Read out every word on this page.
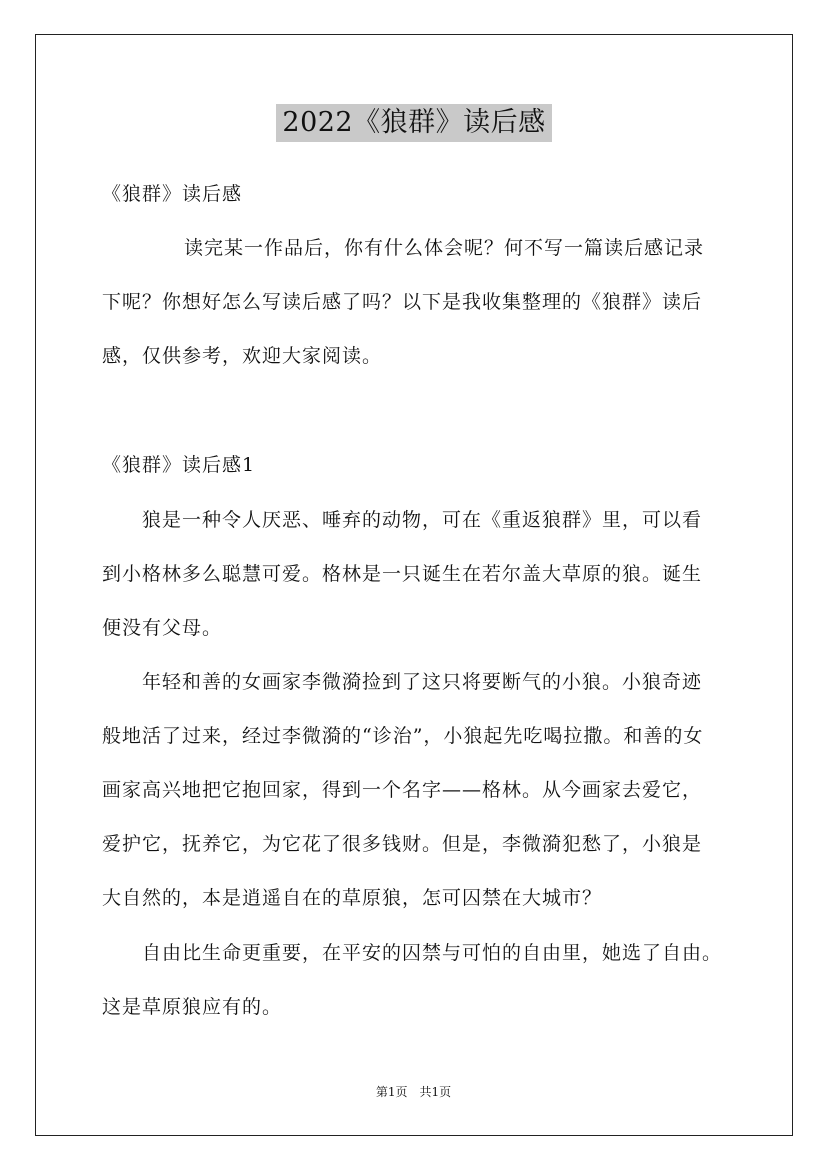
2022《狼群》读后感
《狼群》读后感
读完某一作品后，你有什么体会呢？何不写一篇读后感记录
下呢？你想好怎么写读后感了吗？以下是我收集整理的《狼群》读后
感，仅供参考，欢迎大家阅读。
《狼群》读后感1
狼是一种令人厌恶、唾弃的动物，可在《重返狼群》里，可以看
到小格林多么聪慧可爱。格林是一只诞生在若尔盖大草原的狼。诞生
便没有父母。
年轻和善的女画家李微漪捡到了这只将要断气的小狼。小狼奇迹
般地活了过来，经过李微漪的“诊治”，小狼起先吃喝拉撒。和善的女
画家高兴地把它抱回家，得到一个名字——格林。从今画家去爱它，
爱护它，抚养它，为它花了很多钱财。但是，李微漪犯愁了，小狼是
大自然的，本是逍遥自在的草原狼，怎可囚禁在大城市？
自由比生命更重要，在平安的囚禁与可怕的自由里，她选了自由。
这是草原狼应有的。
第1页　共1页
